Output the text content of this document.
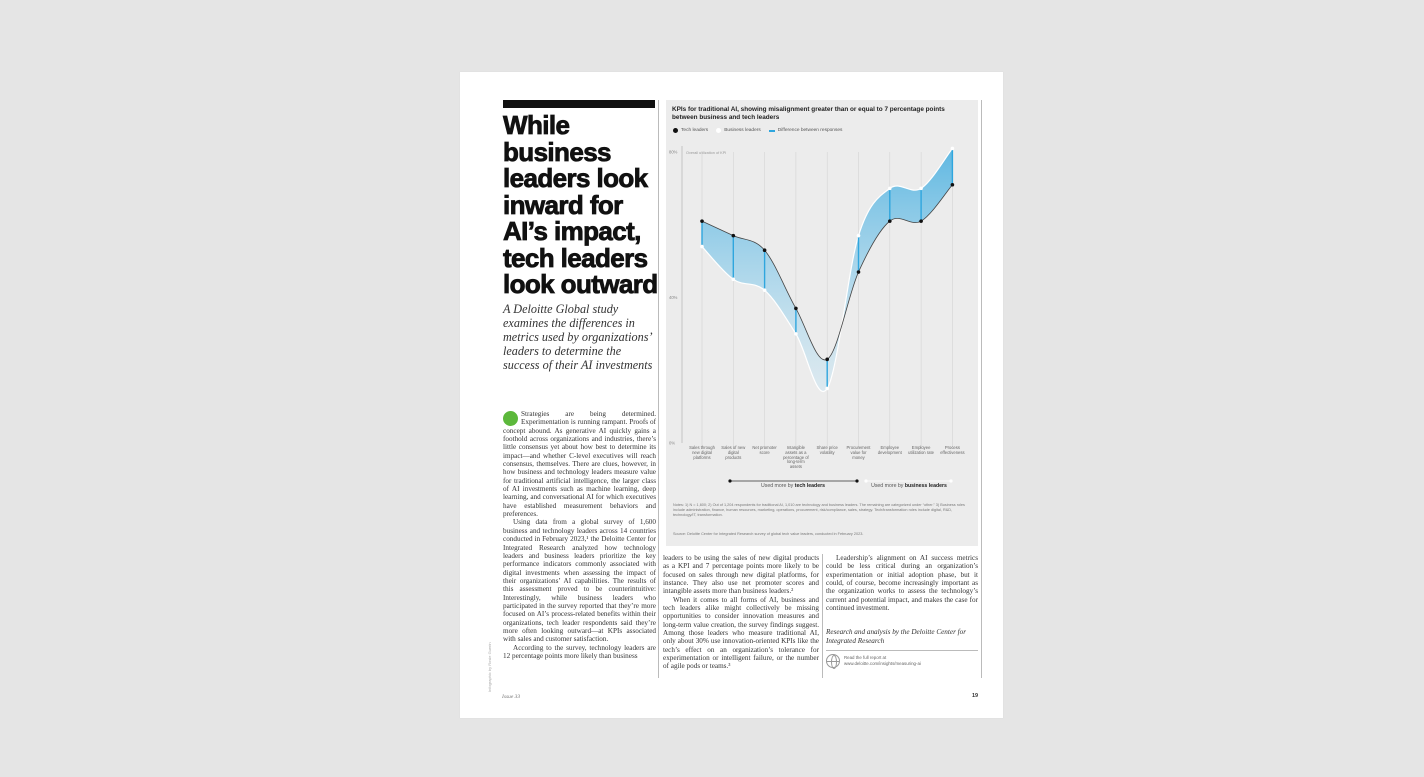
While business leaders look inward for AI’s impact, tech leaders look outward

A Deloitte Global study examines the differences in metrics used by organizations’ leaders to determine the success of their AI investments

Strategies are being determined. Experimentation is running rampant. Proofs of concept abound. As generative AI quickly gains a foothold across organizations and industries, there’s little consensus yet about how best to determine its impact—and whether C-level executives will reach consensus, themselves. There are clues, however, in how business and technology leaders measure value for traditional artificial intelligence, the larger class of AI investments such as machine learning, deep learning, and conversational AI for which executives have established measurement behaviors and preferences.

Using data from a global survey of 1,600 business and technology leaders across 14 countries conducted in February 2023,¹ the Deloitte Center for Integrated Research analyzed how technology leaders and business leaders prioritize the key performance indicators commonly associated with digital investments when assessing the impact of their organizations’ AI capabilities. The results of this assessment proved to be counterintuitive: Interestingly, while business leaders who participated in the survey reported that they’re more focused on AI’s process-related benefits within their organizations, tech leader respondents said they’re more often looking outward—at KPIs associated with sales and customer satisfaction.

According to the survey, technology leaders are 12 percentage points more likely than business

Infographic by Rosie Guerin
KPIs for traditional AI, showing misalignment greater than or equal to 7 percentage points between business and tech leaders
Tech leaders	Business leaders	Difference between responses
0%
40%
80% Overall utilization of KPI
Sales through new digital platforms
Sales of new digital products
Net promoter score
Intangible assets as a percentage of long-term assets
Share price volatility
Procurement value for money
Employee development
Employee utilization rate
Process effectiveness
Used more by tech leaders	Used more by business leaders
Notes: 1) N = 1,600; 2) Out of 1,204 respondents for traditional AI, 1,010 are technology and business leaders. The remaining are categorized under “other.” 3) Business roles include administration, finance, human resources, marketing, operations, procurement, risk/compliance, sales, strategy. Tech/transformation roles include digital, R&D, technology/IT, transformation.
Source: Deloitte Center for Integrated Research survey of global tech value leaders, conducted in February 2023.

leaders to be using the sales of new digital products as a KPI and 7 percentage points more likely to be focused on sales through new digital platforms, for instance. They also use net promoter scores and intangible assets more than business leaders.²

When it comes to all forms of AI, business and tech leaders alike might collectively be missing opportunities to consider innovation measures and long-term value creation, the survey findings suggest. Among those leaders who measure traditional AI, only about 30% use innovation-oriented KPIs like the tech’s effect on an organization’s tolerance for experimentation or intelligent failure, or the number of agile pods or teams.³

Leadership’s alignment on AI success metrics could be less critical during an organization’s experimentation or initial adoption phase, but it could, of course, become increasingly important as the organization works to assess the technology’s current and potential impact, and makes the case for continued investment.

Research and analysis by the Deloitte Center for Integrated Research

Read the full report at
www.deloitte.com/insights/measuring-ai
Issue 33	19
